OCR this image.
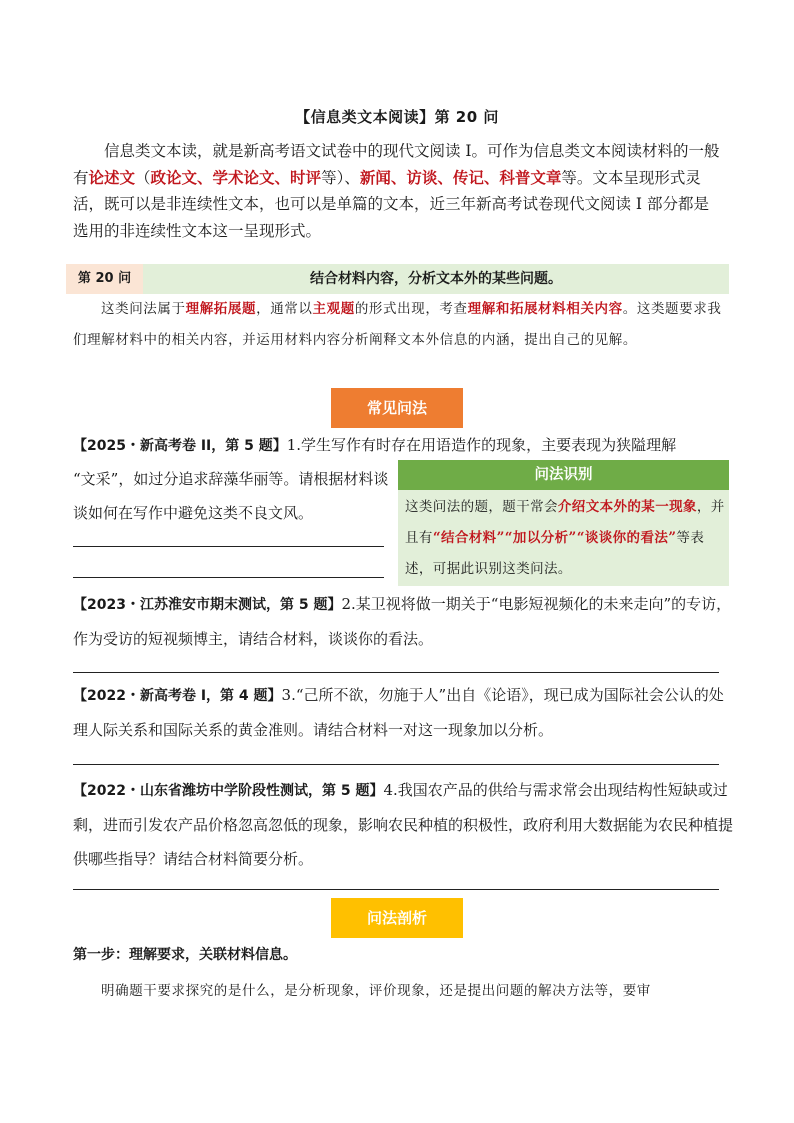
【信息类文本阅读】第 20 问
信息类文本读，就是新高考语文试卷中的现代文阅读 I。可作为信息类文本阅读材料的一般有论述文（政论文、学术论文、时评等）、新闻、访谈、传记、科普文章等。文本呈现形式灵活，既可以是非连续性文本，也可以是单篇的文本，近三年新高考试卷现代文阅读 I 部分都是选用的非连续性文本这一呈现形式。
第 20 问	结合材料内容，分析文本外的某些问题。
这类问法属于理解拓展题，通常以主观题的形式出现，考查理解和拓展材料相关内容。这类题要求我们理解材料中的相关内容，并运用材料内容分析阐释文本外信息的内涵，提出自己的见解。
常见问法
【2025・新高考卷 II，第 5 题】1.学生写作有时存在用语造作的现象，主要表现为狭隘理解
“文采”，如过分追求辞藻华丽等。请根据材料谈谈如何在写作中避免这类不良文风。
问法识别
这类问法的题，题干常会介绍文本外的某一现象，并且有“结合材料”“加以分析”“谈谈你的看法”等表述，可据此识别这类问法。
【2023・江苏淮安市期末测试，第 5 题】2.某卫视将做一期关于“电影短视频化的未来走向”的专访，作为受访的短视频博主，请结合材料，谈谈你的看法。
【2022・新高考卷 I，第 4 题】3.“己所不欲，勿施于人”出自《论语》，现已成为国际社会公认的处理人际关系和国际关系的黄金准则。请结合材料一对这一现象加以分析。
【2022・山东省潍坊中学阶段性测试，第 5 题】4.我国农产品的供给与需求常会出现结构性短缺或过剩，进而引发农产品价格忽高忽低的现象，影响农民种植的积极性，政府利用大数据能为农民种植提供哪些指导？请结合材料简要分析。
问法剖析
第一步：理解要求，关联材料信息。
明确题干要求探究的是什么，是分析现象，评价现象，还是提出问题的解决方法等，要审
